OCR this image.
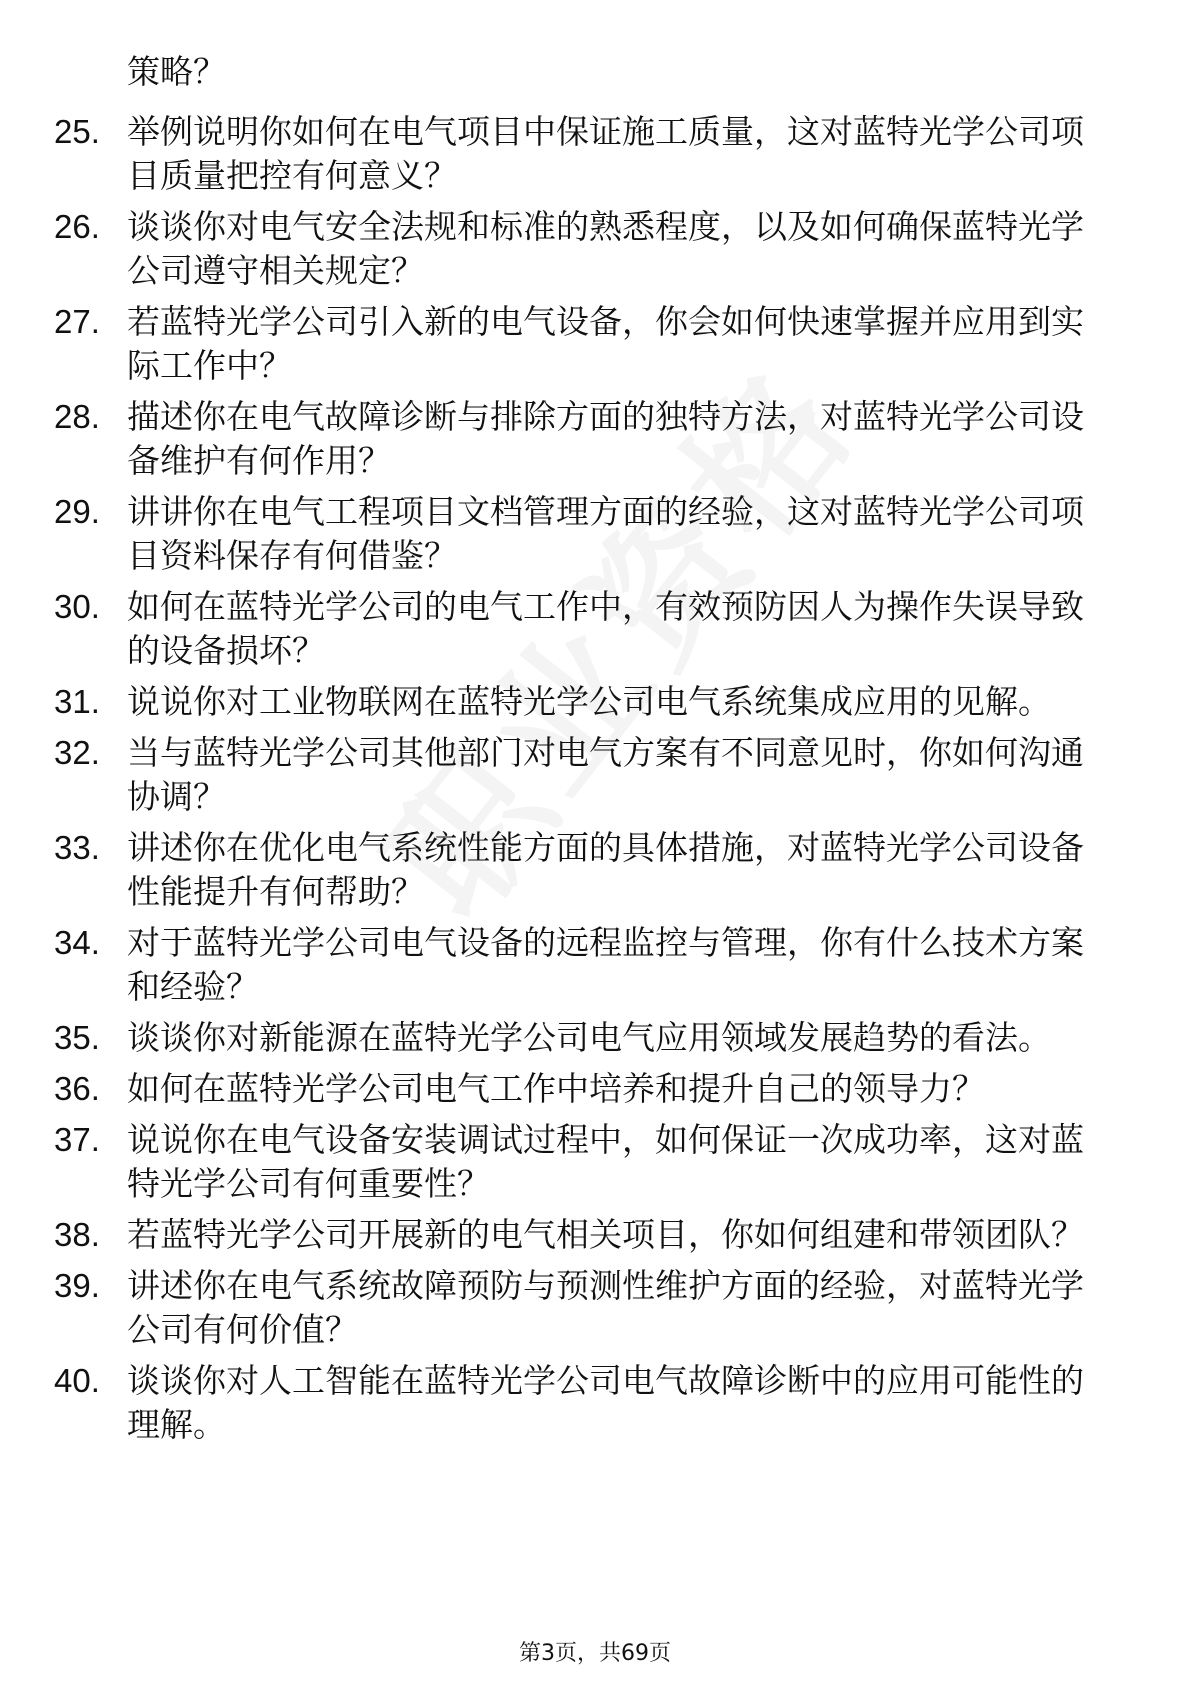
策略？
25. 举例说明你如何在电气项目中保证施工质量，这对蓝特光学公司项目质量把控有何意义？
26. 谈谈你对电气安全法规和标准的熟悉程度，以及如何确保蓝特光学公司遵守相关规定？
27. 若蓝特光学公司引入新的电气设备，你会如何快速掌握并应用到实际工作中？
28. 描述你在电气故障诊断与排除方面的独特方法，对蓝特光学公司设备维护有何作用？
29. 讲讲你在电气工程项目文档管理方面的经验，这对蓝特光学公司项目资料保存有何借鉴？
30. 如何在蓝特光学公司的电气工作中，有效预防因人为操作失误导致的设备损坏？
31. 说说你对工业物联网在蓝特光学公司电气系统集成应用的见解。
32. 当与蓝特光学公司其他部门对电气方案有不同意见时，你如何沟通协调？
33. 讲述你在优化电气系统性能方面的具体措施，对蓝特光学公司设备性能提升有何帮助？
34. 对于蓝特光学公司电气设备的远程监控与管理，你有什么技术方案和经验？
35. 谈谈你对新能源在蓝特光学公司电气应用领域发展趋势的看法。
36. 如何在蓝特光学公司电气工作中培养和提升自己的领导力？
37. 说说你在电气设备安装调试过程中，如何保证一次成功率，这对蓝特光学公司有何重要性？
38. 若蓝特光学公司开展新的电气相关项目，你如何组建和带领团队？
39. 讲述你在电气系统故障预防与预测性维护方面的经验，对蓝特光学公司有何价值？
40. 谈谈你对人工智能在蓝特光学公司电气故障诊断中的应用可能性的理解。
第3页，共69页
